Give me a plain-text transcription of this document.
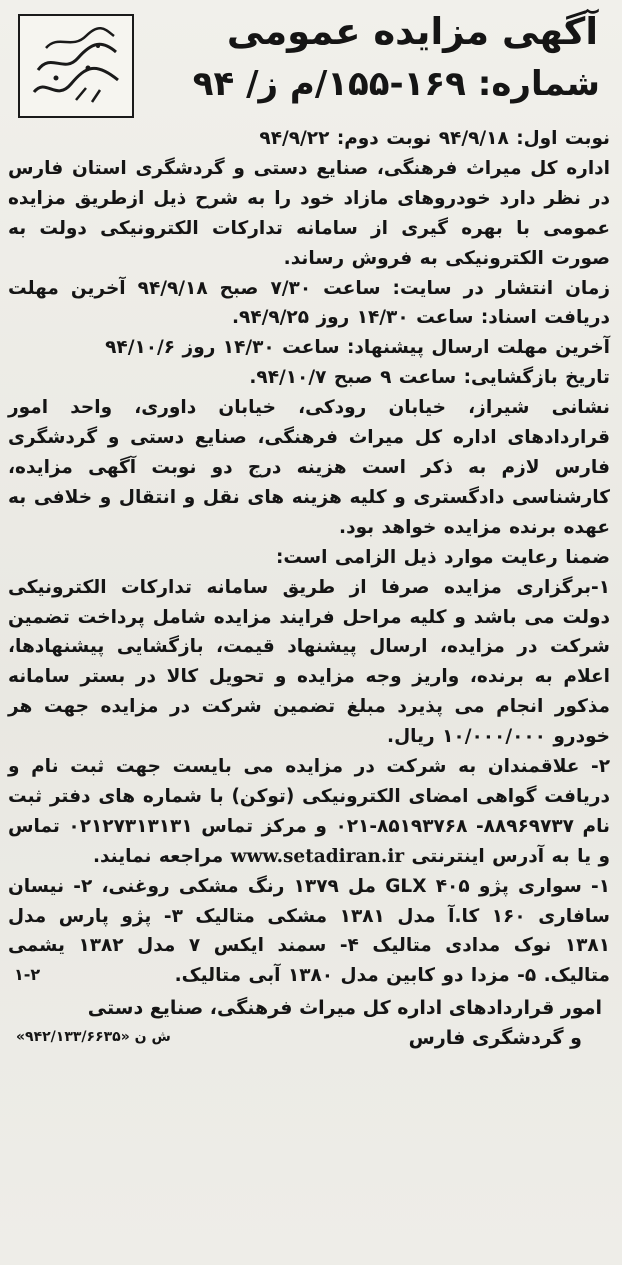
آگهی مزایده عمومی
شماره: ۱۶۹-۱۵۵/م ز/ ۹۴

نوبت اول: ۹۴/۹/۱۸ نوبت دوم: ۹۴/۹/۲۲

اداره کل میراث فرهنگی، صنایع دستی و گردشگری استان فارس در نظر دارد خودروهای مازاد خود را به شرح ذیل ازطریق مزایده عمومی با بهره گیری از سامانه تدارکات الکترونیکی دولت به صورت الکترونیکی به فروش رساند.

زمان انتشار در سایت: ساعت ۷/۳۰ صبح ۹۴/۹/۱۸ آخرین مهلت دریافت اسناد: ساعت ۱۴/۳۰ روز ۹۴/۹/۲۵.

آخرین مهلت ارسال پیشنهاد: ساعت ۱۴/۳۰ روز ۹۴/۱۰/۶

تاریخ بازگشایی: ساعت ۹ صبح ۹۴/۱۰/۷.

نشانی شیراز، خیابان رودکی، خیابان داوری، واحد امور قراردادهای اداره کل میراث فرهنگی، صنایع دستی و گردشگری فارس لازم به ذکر است هزینه درج دو نوبت آگهی مزایده، کارشناسی دادگستری و کلیه هزینه های نقل و انتقال و خلافی به عهده برنده مزایده خواهد بود.

ضمنا رعایت موارد ذیل الزامی است:

۱-برگزاری مزایده صرفا از طریق سامانه تدارکات الکترونیکی دولت می باشد و کلیه مراحل فرایند مزایده شامل پرداخت تضمین شرکت در مزایده، ارسال پیشنهاد قیمت، بازگشایی پیشنهادها، اعلام به برنده، واریز وجه مزایده و تحویل کالا در بستر سامانه مذکور انجام می پذیرد مبلغ تضمین شرکت در مزایده جهت هر خودرو ۱۰/۰۰۰/۰۰۰ ریال.

۲- علاقمندان به شرکت در مزایده می بایست جهت ثبت نام و دریافت گواهی امضای الکترونیکی (توکن) با شماره های دفتر ثبت نام ۸۸۹۶۹۷۳۷- ۸۵۱۹۳۷۶۸-۰۲۱ و مرکز تماس ۰۲۱۲۷۳۱۳۱۳۱ تماس و یا به آدرس اینترنتی www.setadiran.ir مراجعه نمایند.

۱- سواری پژو ۴۰۵ GLX مل ۱۳۷۹ رنگ مشکی روغنی، ۲- نیسان سافاری ۱۶۰ کا.آ مدل ۱۳۸۱ مشکی متالیک ۳- پژو پارس مدل ۱۳۸۱ نوک مدادی متالیک ۴- سمند ایکس ۷ مدل ۱۳۸۲ یشمی متالیک. ۵- مزدا دو کابین مدل ۱۳۸۰ آبی متالیک.

۱-۲
امور قراردادهای اداره کل میراث فرهنگی، صنایع دستی
و گردشگری فارس
«۹۴۲/۱۳۳/۶۶۳۵» ش ن
